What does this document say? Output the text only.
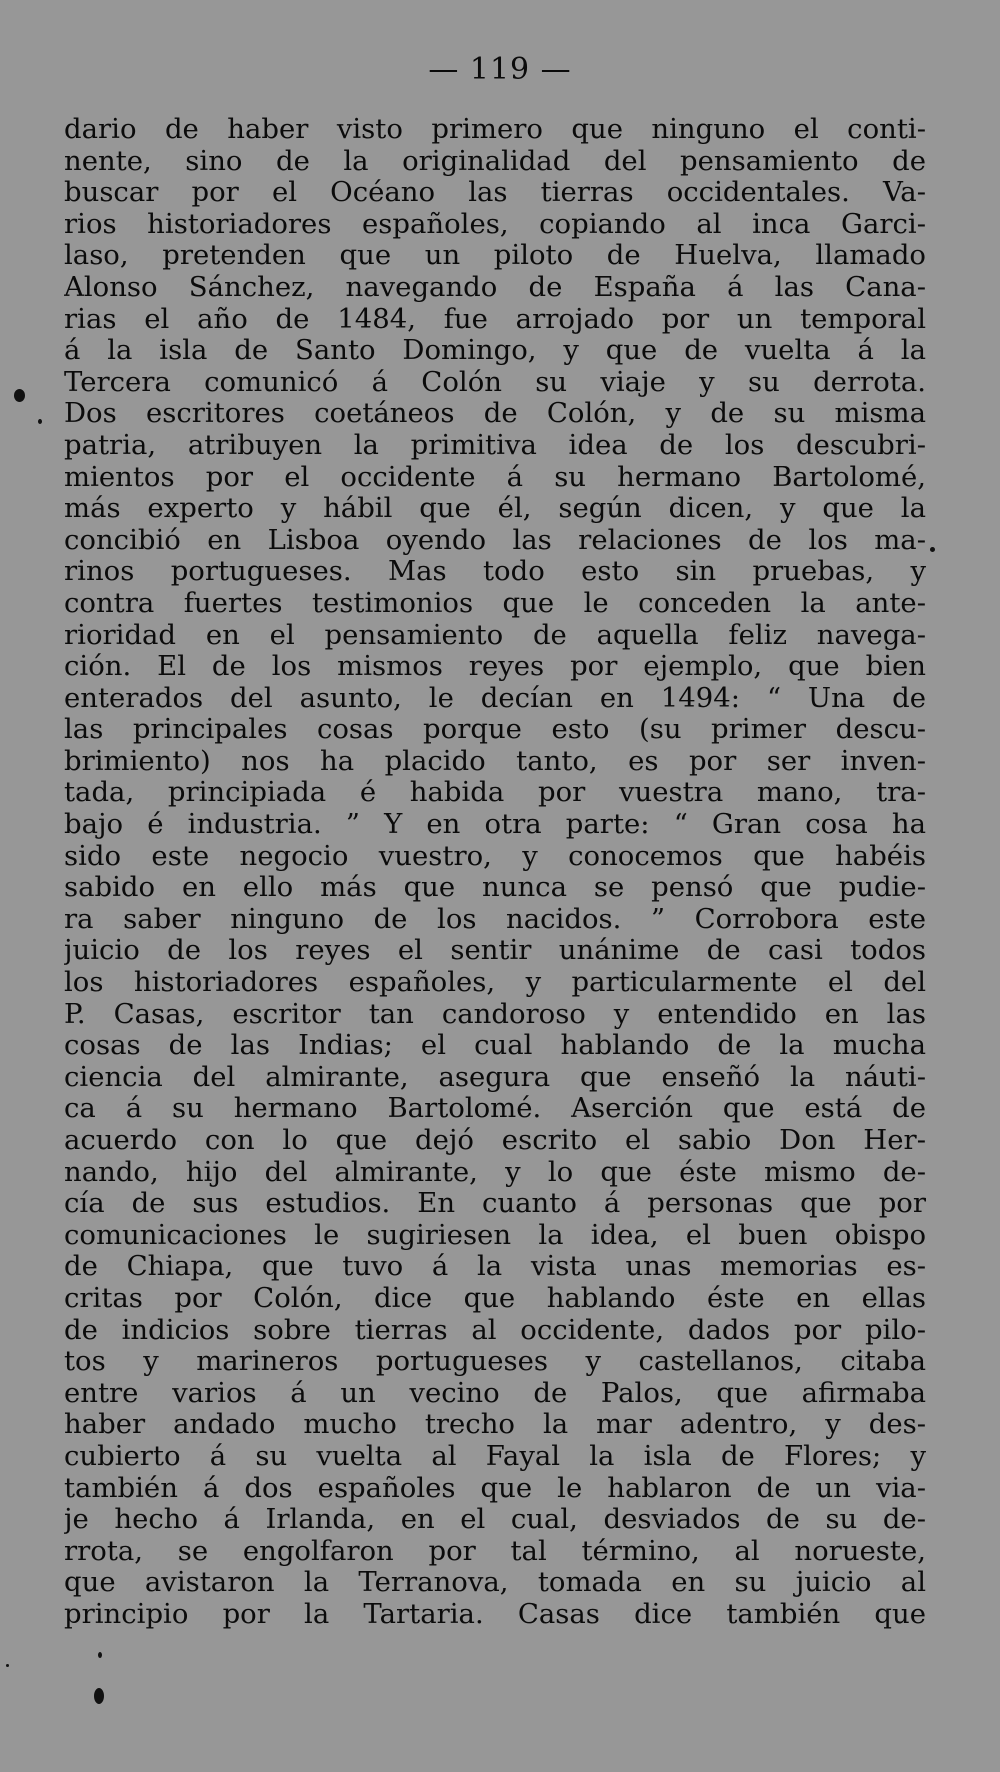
— 119 —
dario de haber visto primero que ninguno el conti-
nente, sino de la originalidad del pensamiento de
buscar por el Océano las tierras occidentales. Va-
rios historiadores españoles, copiando al inca Garci-
laso, pretenden que un piloto de Huelva, llamado
Alonso Sánchez, navegando de España á las Cana-
rias el año de 1484, fue arrojado por un temporal
á la isla de Santo Domingo, y que de vuelta á la
Tercera comunicó á Colón su viaje y su derrota.
Dos escritores coetáneos de Colón, y de su misma
patria, atribuyen la primitiva idea de los descubri-
mientos por el occidente á su hermano Bartolomé,
más experto y hábil que él, según dicen, y que la
concibió en Lisboa oyendo las relaciones de los ma-
rinos portugueses. Mas todo esto sin pruebas, y
contra fuertes testimonios que le conceden la ante-
rioridad en el pensamiento de aquella feliz navega-
ción. El de los mismos reyes por ejemplo, que bien
enterados del asunto, le decían en 1494: “ Una de
las principales cosas porque esto (su primer descu-
brimiento) nos ha placido tanto, es por ser inven-
tada, principiada é habida por vuestra mano, tra-
bajo é industria. ” Y en otra parte: “ Gran cosa ha
sido este negocio vuestro, y conocemos que habéis
sabido en ello más que nunca se pensó que pudie-
ra saber ninguno de los nacidos. ” Corrobora este
juicio de los reyes el sentir unánime de casi todos
los historiadores españoles, y particularmente el del
P. Casas, escritor tan candoroso y entendido en las
cosas de las Indias; el cual hablando de la mucha
ciencia del almirante, asegura que enseñó la náuti-
ca á su hermano Bartolomé. Aserción que está de
acuerdo con lo que dejó escrito el sabio Don Her-
nando, hijo del almirante, y lo que éste mismo de-
cía de sus estudios. En cuanto á personas que por
comunicaciones le sugiriesen la idea, el buen obispo
de Chiapa, que tuvo á la vista unas memorias es-
critas por Colón, dice que hablando éste en ellas
de indicios sobre tierras al occidente, dados por pilo-
tos y marineros portugueses y castellanos, citaba
entre varios á un vecino de Palos, que afirmaba
haber andado mucho trecho la mar adentro, y des-
cubierto á su vuelta al Fayal la isla de Flores; y
también á dos españoles que le hablaron de un via-
je hecho á Irlanda, en el cual, desviados de su de-
rrota, se engolfaron por tal término, al norueste,
que avistaron la Terranova, tomada en su juicio al
principio por la Tartaria. Casas dice también que
